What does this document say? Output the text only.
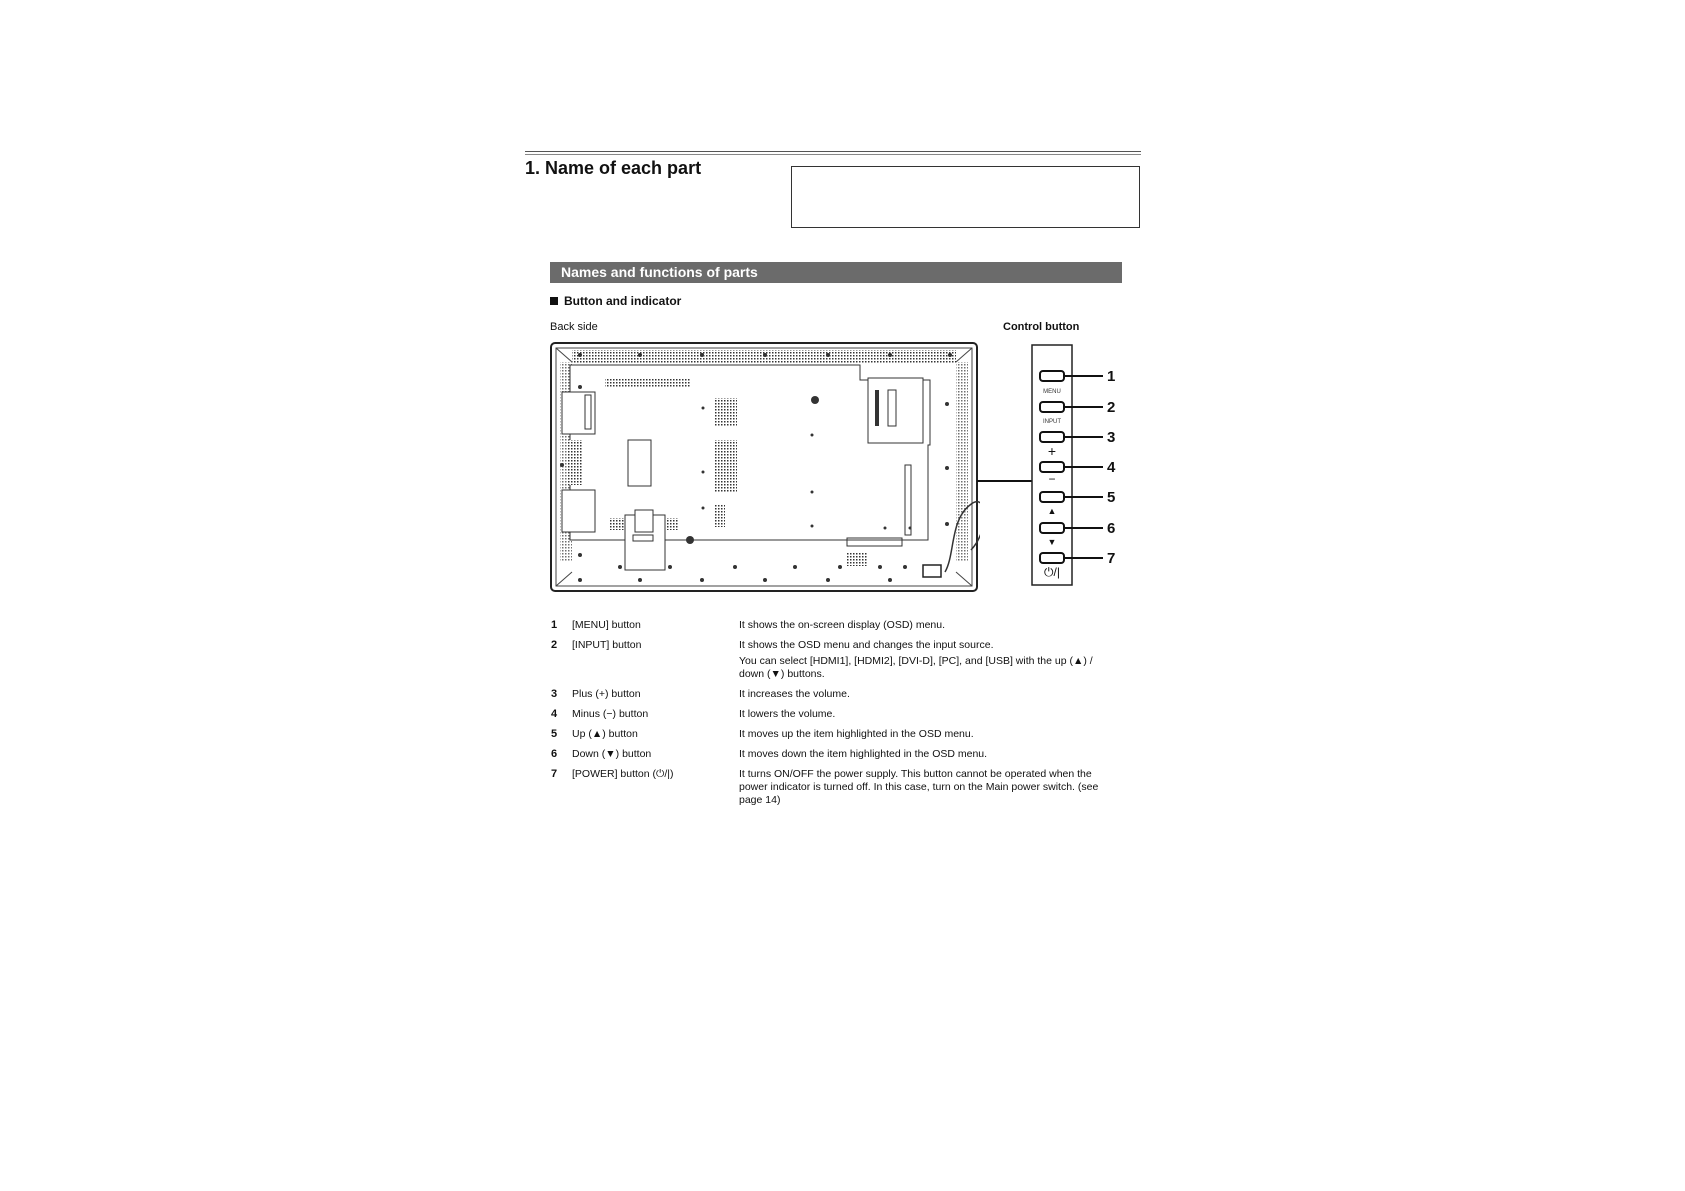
1. Name of each part
Names and functions of parts
Button and indicator
Back side	Control button
1
2
3
4
5
6
7
MENU
INPUT
+
−
▲
▼
⏻/|
1 [MENU] button	It shows the on-screen display (OSD) menu.
2 [INPUT] button	It shows the OSD menu and changes the input source.
You can select [HDMI1], [HDMI2], [DVI-D], [PC], and [USB] with the up (▲) / down (▼) buttons.
3 Plus (+) button	It increases the volume.
4 Minus (−) button	It lowers the volume.
5 Up (▲) button	It moves up the item highlighted in the OSD menu.
6 Down (▼) button	It moves down the item highlighted in the OSD menu.
7 [POWER] button (⏻/|)	It turns ON/OFF the power supply. This button cannot be operated when the power indicator is turned off. In this case, turn on the Main power switch. (see page 14)
